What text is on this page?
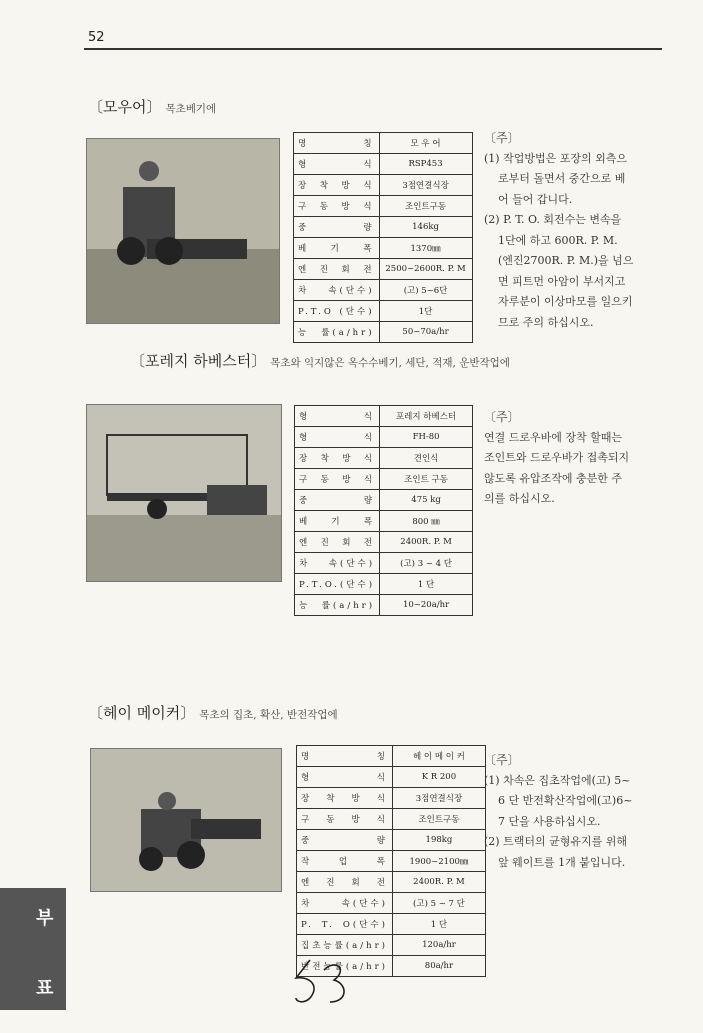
52
〔모우어〕 목초베기에
명 칭	모 우 어
형 식	RSP453
장 착 방 식	3점연결식장
구 동 방 식	조인트구동
중 량	146kg
베 기 폭	1370㎜
엔 진 회 전	2500~2600R. P. M
차 속(단수)	(고) 5~6단
P.T.O (단수)	1단
능 률(a/hr)	50~70a/hr
〔주〕
(1) 작업방법은 포장의 외측으
로부터 돌면서 중간으로 베
어 들어 갑니다.
(2) P. T. O. 회전수는 변속을
1단에 하고 600R. P. M.
(엔진2700R. P. M.)을 넘으
면 피트먼 아암이 부서지고
자루분이 이상마모를 일으키
므로 주의 하십시오.
〔포레지 하베스터〕 목초와 익지않은 옥수수베기, 세단, 적재, 운반작업에
형 식	포레지 하베스터
형 식	FH-80
장 착 방 식	견인식
구 동 방 식	조인트 구동
중 량	475 kg
베 기 폭	800 ㎜
엔 진 회 전	2400R. P. M
차 속(단수)	(고) 3 ~ 4 단
P.T.O.(단수)	1 단
능 률(a/hr)	10~20a/hr
〔주〕
연결 드로우바에 장착 할때는
조인트와 드로우바가 접촉되지
않도록 유압조작에 충분한 주
의를 하십시오.
〔헤이 메이커〕 목초의 집초, 확산, 반전작업에
명 칭	헤 이 메 이 커
형 식	K R 200
장 착 방 식	3점연결식장
구 동 방 식	조인트구동
중 량	198kg
작 업 폭	1900~2100㎜
엔 진 회 전	2400R. P. M
차 속(단수)	(고) 5 ~ 7 단
P. T. O(단수)	1 단
집초능률(a/hr)	120a/hr
반전능률(a/hr)	80a/hr
〔주〕
(1) 차속은 집초작업에(고) 5~
6 단 반전확산작업에(고)6~
7 단을 사용하십시오.
(2) 트랙터의 균형유지를 위해
앞 웨이트를 1개 붙입니다.
부
표
